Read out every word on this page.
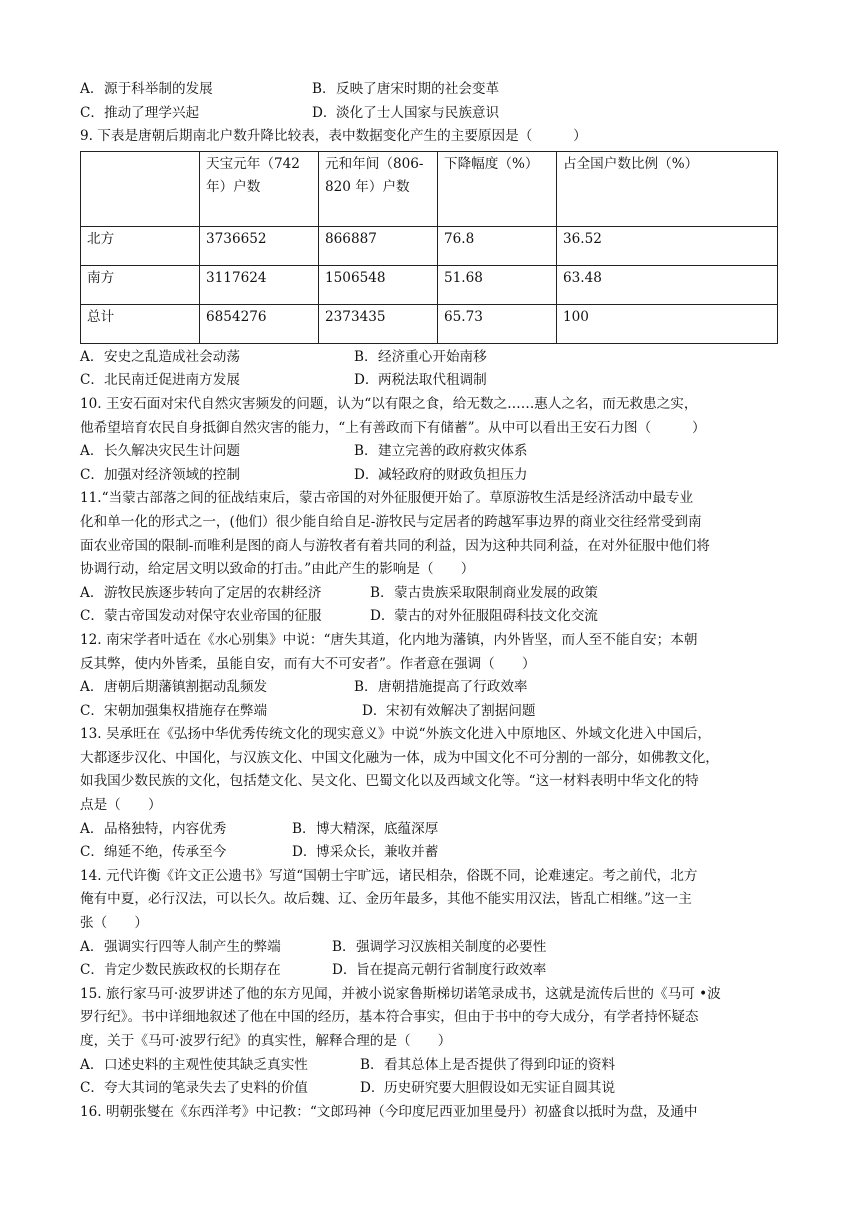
A．源于科举制的发展	B．反映了唐宋时期的社会变革
C．推动了理学兴起	D．淡化了士人国家与民族意识
9. 下表是唐朝后期南北户数升降比较表，表中数据变化产生的主要原因是（　　　）
	天宝元年（742年）户数	元和年间（806-820 年）户数	下降幅度（%）	占全国户数比例（%）
北方	3736652	866887	76.8	36.52
南方	3117624	1506548	51.68	63.48
总计	6854276	2373435	65.73	100
A．安史之乱造成社会动荡	B．经济重心开始南移
C．北民南迁促进南方发展	D．两税法取代租调制
10. 王安石面对宋代自然灾害频发的问题，认为“以有限之食，给无数之……惠人之名，而无救患之实，
他希望培育农民自身抵御自然灾害的能力，“上有善政而下有储蓄”。从中可以看出王安石力图（　　　）
A．长久解决灾民生计问题	B．建立完善的政府救灾体系
C．加强对经济领域的控制	D．减轻政府的财政负担压力
11.“当蒙古部落之间的征战结束后，蒙古帝国的对外征服便开始了。草原游牧生活是经济活动中最专业
化和单一化的形式之一，(他们）很少能自给自足-游牧民与定居者的跨越军事边界的商业交往经常受到南
面农业帝国的限制-而唯利是图的商人与游牧者有着共同的利益，因为这种共同利益，在对外征服中他们将
协调行动，给定居文明以致命的打击。”由此产生的影响是（　　）
A．游牧民族逐步转向了定居的农耕经济	B．蒙古贵族采取限制商业发展的政策
C．蒙古帝国发动对保守农业帝国的征服	D．蒙古的对外征服阻碍科技文化交流
12. 南宋学者叶适在《水心别集》中说：“唐失其道，化内地为藩镇，内外皆坚，而人至不能自安；本朝
反其弊，使内外皆柔，虽能自安，而有大不可安者”。作者意在强调（　　）
A．唐朝后期藩镇割据动乱频发	B．唐朝措施提高了行政效率
C．宋朝加强集权措施存在弊端	D．宋初有效解决了割据问题
13. 吴承旺在《弘扬中华优秀传统文化的现实意义》中说“外族文化进入中原地区、外域文化进入中国后，
大都逐步汉化、中国化，与汉族文化、中国文化融为一体，成为中国文化不可分割的一部分，如佛教文化，
如我国少数民族的文化，包括楚文化、吴文化、巴蜀文化以及西域文化等。“这一材料表明中华文化的特
点是（　　）
A．品格独特，内容优秀	B．博大精深，底蕴深厚
C．绵延不绝，传承至今	D．博采众长，兼收并蓄
14. 元代许衡《许文正公遗书》写道“国朝士宇旷远，诸民相杂，俗既不同，论难速定。考之前代，北方
俺有中夏，必行汉法，可以长久。故后魏、辽、金历年最多，其他不能实用汉法，皆乱亡相继。”这一主
张（　　）
A．强调实行四等人制产生的弊端	B．强调学习汉族相关制度的必要性
C．肯定少数民族政权的长期存在	D．旨在提高元朝行省制度行政效率
15. 旅行家马可·波罗讲述了他的东方见闻，并被小说家鲁斯梯切诺笔录成书，这就是流传后世的《马可 •波
罗行纪》。书中详细地叙述了他在中国的经历，基本符合事实，但由于书中的夸大成分，有学者持怀疑态
度，关于《马可·波罗行纪》的真实性，解释合理的是（　　）
A．口述史料的主观性使其缺乏真实性	B．看其总体上是否提供了得到印证的资料
C．夸大其词的笔录失去了史料的价值	D．历史研究要大胆假设如无实证自圆其说
16. 明朝张燮在《东西洋考》中记教：“文郎玛神（今印度尼西亚加里曼丹）初盛食以抵时为盘，及通中
